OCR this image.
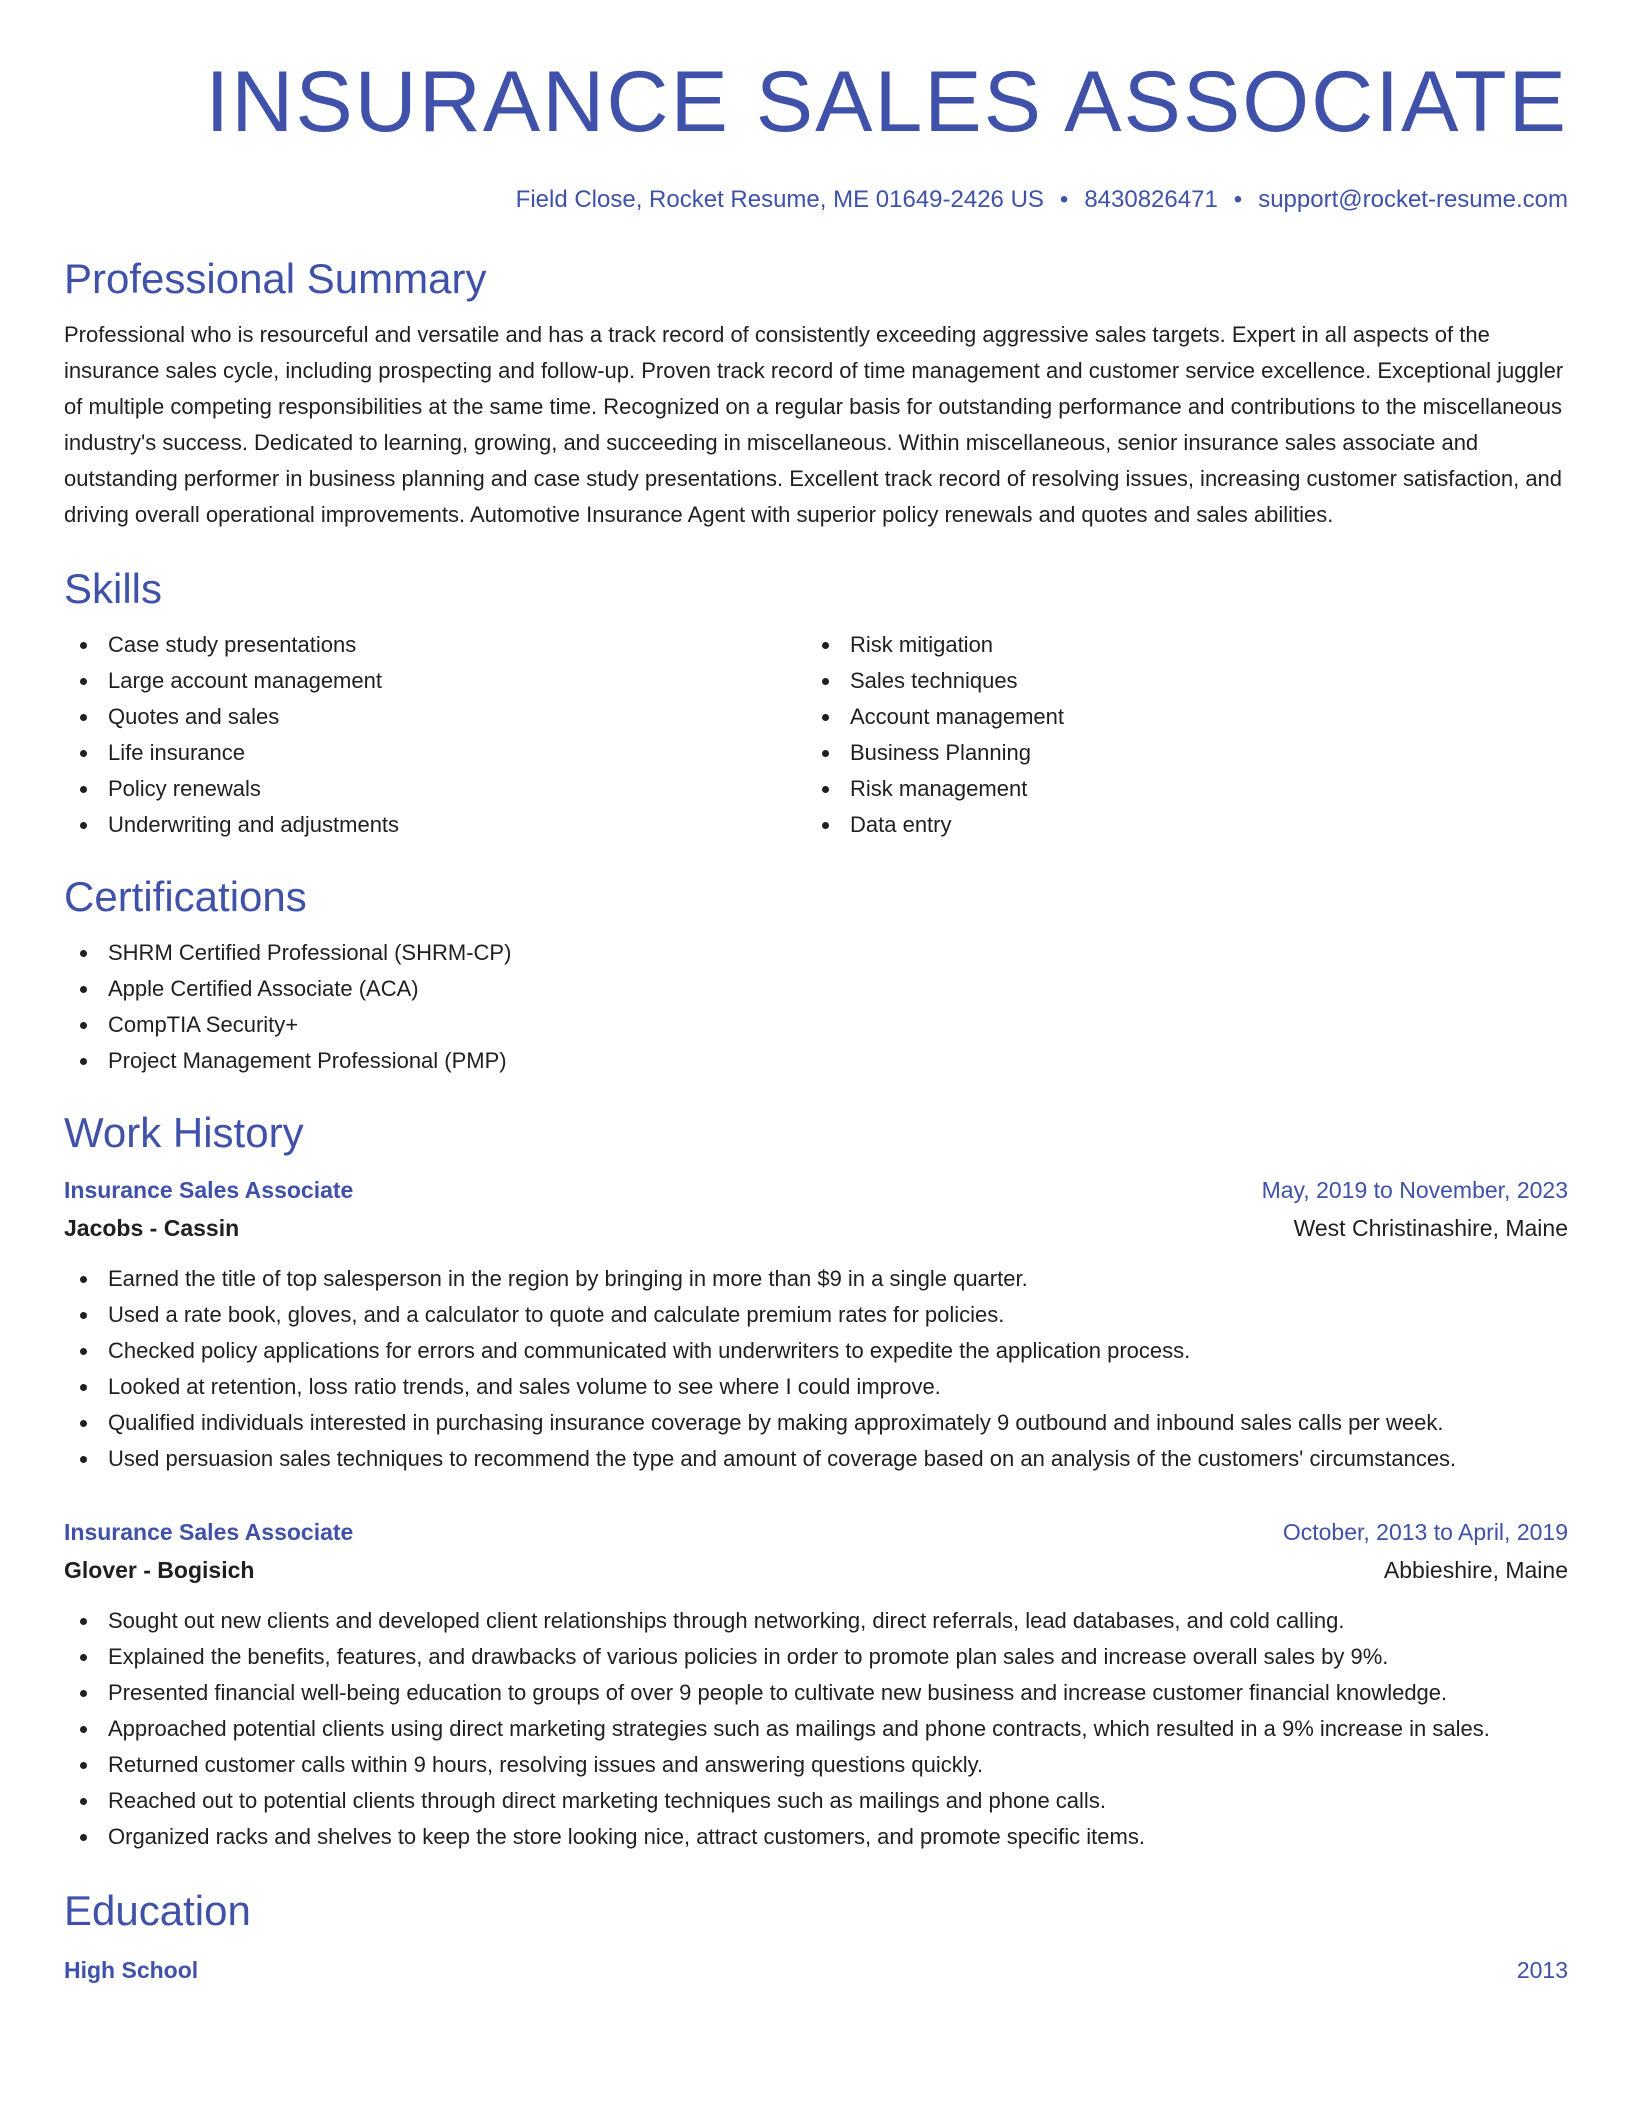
INSURANCE SALES ASSOCIATE
Field Close, Rocket Resume, ME 01649-2426 US • 8430826471 • support@rocket-resume.com
Professional Summary

Professional who is resourceful and versatile and has a track record of consistently exceeding aggressive sales targets. Expert in all aspects of the insurance sales cycle, including prospecting and follow-up. Proven track record of time management and customer service excellence. Exceptional juggler of multiple competing responsibilities at the same time. Recognized on a regular basis for outstanding performance and contributions to the miscellaneous industry's success. Dedicated to learning, growing, and succeeding in miscellaneous. Within miscellaneous, senior insurance sales associate and outstanding performer in business planning and case study presentations. Excellent track record of resolving issues, increasing customer satisfaction, and driving overall operational improvements. Automotive Insurance Agent with superior policy renewals and quotes and sales abilities.

Skills
Case study presentations
Large account management
Quotes and sales
Life insurance
Policy renewals
Underwriting and adjustments
Risk mitigation
Sales techniques
Account management
Business Planning
Risk management
Data entry
Certifications
SHRM Certified Professional (SHRM-CP)
Apple Certified Associate (ACA)
CompTIA Security+
Project Management Professional (PMP)
Work History
Insurance Sales Associate	May, 2019 to November, 2023
Jacobs - Cassin	West Christinashire, Maine
Earned the title of top salesperson in the region by bringing in more than $9 in a single quarter.
Used a rate book, gloves, and a calculator to quote and calculate premium rates for policies.
Checked policy applications for errors and communicated with underwriters to expedite the application process.
Looked at retention, loss ratio trends, and sales volume to see where I could improve.
Qualified individuals interested in purchasing insurance coverage by making approximately 9 outbound and inbound sales calls per week.
Used persuasion sales techniques to recommend the type and amount of coverage based on an analysis of the customers' circumstances.
Insurance Sales Associate	October, 2013 to April, 2019
Glover - Bogisich	Abbieshire, Maine
Sought out new clients and developed client relationships through networking, direct referrals, lead databases, and cold calling.
Explained the benefits, features, and drawbacks of various policies in order to promote plan sales and increase overall sales by 9%.
Presented financial well-being education to groups of over 9 people to cultivate new business and increase customer financial knowledge.
Approached potential clients using direct marketing strategies such as mailings and phone contracts, which resulted in a 9% increase in sales.
Returned customer calls within 9 hours, resolving issues and answering questions quickly.
Reached out to potential clients through direct marketing techniques such as mailings and phone calls.
Organized racks and shelves to keep the store looking nice, attract customers, and promote specific items.
Education
High School	2013
